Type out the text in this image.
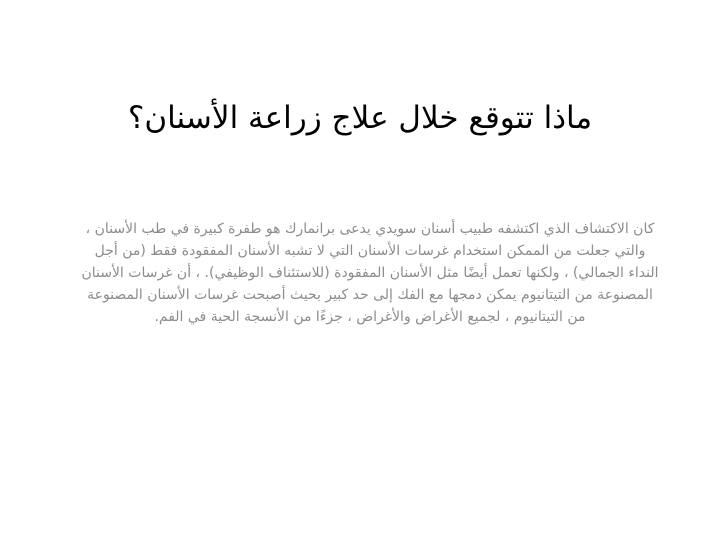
ماذا تتوقع خلال علاج زراعة الأسنان؟
كان الاكتشاف الذي اكتشفه طبيب أسنان سويدي يدعى برانمارك هو طفرة كبيرة في طب الأسنان ، والتي جعلت من الممكن استخدام غرسات الأسنان التي لا تشبه الأسنان المفقودة فقط (من أجل النداء الجمالي) ، ولكنها تعمل أيضًا مثل الأسنان المفقودة (للاستئناف الوظيفي). ، أن غرسات الأسنان المصنوعة من التيتانيوم يمكن دمجها مع الفك إلى حد كبير بحيث أصبحت غرسات الأسنان المصنوعة من التيتانيوم ، لجميع الأغراض والأغراض ، جزءًا من الأنسجة الحية في الفم.
